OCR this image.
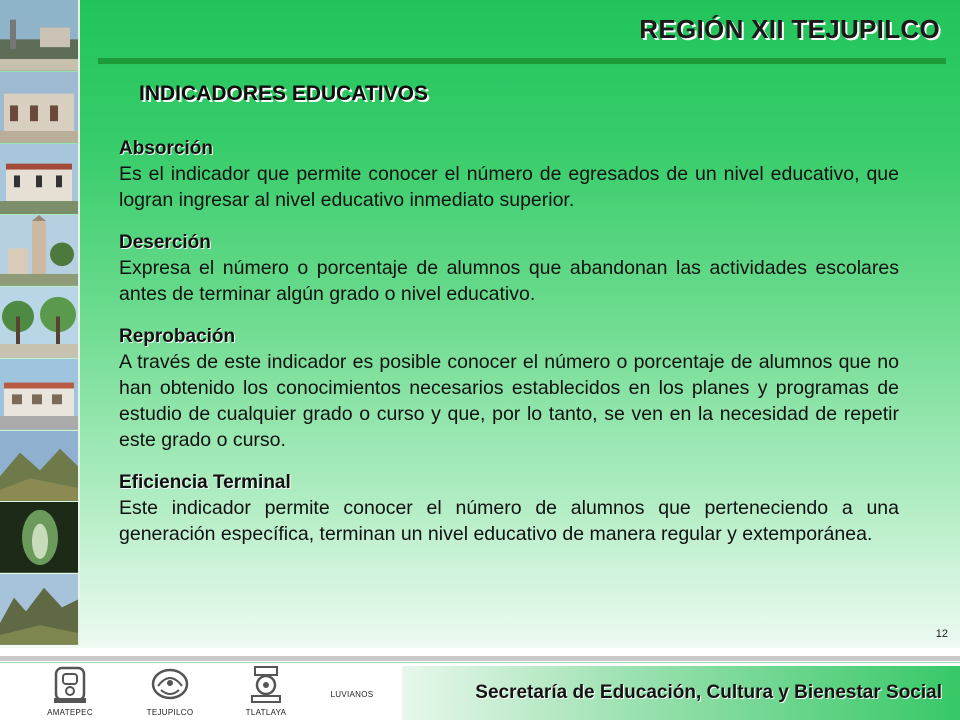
REGIÓN XII TEJUPILCO
INDICADORES EDUCATIVOS
Absorción

Es el indicador que permite conocer el número de egresados de un nivel educativo, que logran ingresar al nivel educativo inmediato superior.

Deserción

Expresa el número o porcentaje de alumnos que abandonan las actividades escolares antes de terminar algún grado o nivel educativo.

Reprobación

A través de este indicador es posible conocer el número o porcentaje de alumnos que no han obtenido los conocimientos necesarios establecidos en los planes y programas de estudio de cualquier grado o curso y que, por lo tanto, se ven en la necesidad de repetir este grado o curso.

Eficiencia Terminal

Este indicador permite conocer el número de alumnos que perteneciendo a una generación específica, terminan un nivel educativo de manera regular y extemporánea.

12
AMATEPEC	TEJUPILCO	TLATLAYA
LUVIANOS	Secretaría de Educación, Cultura y Bienestar Social
